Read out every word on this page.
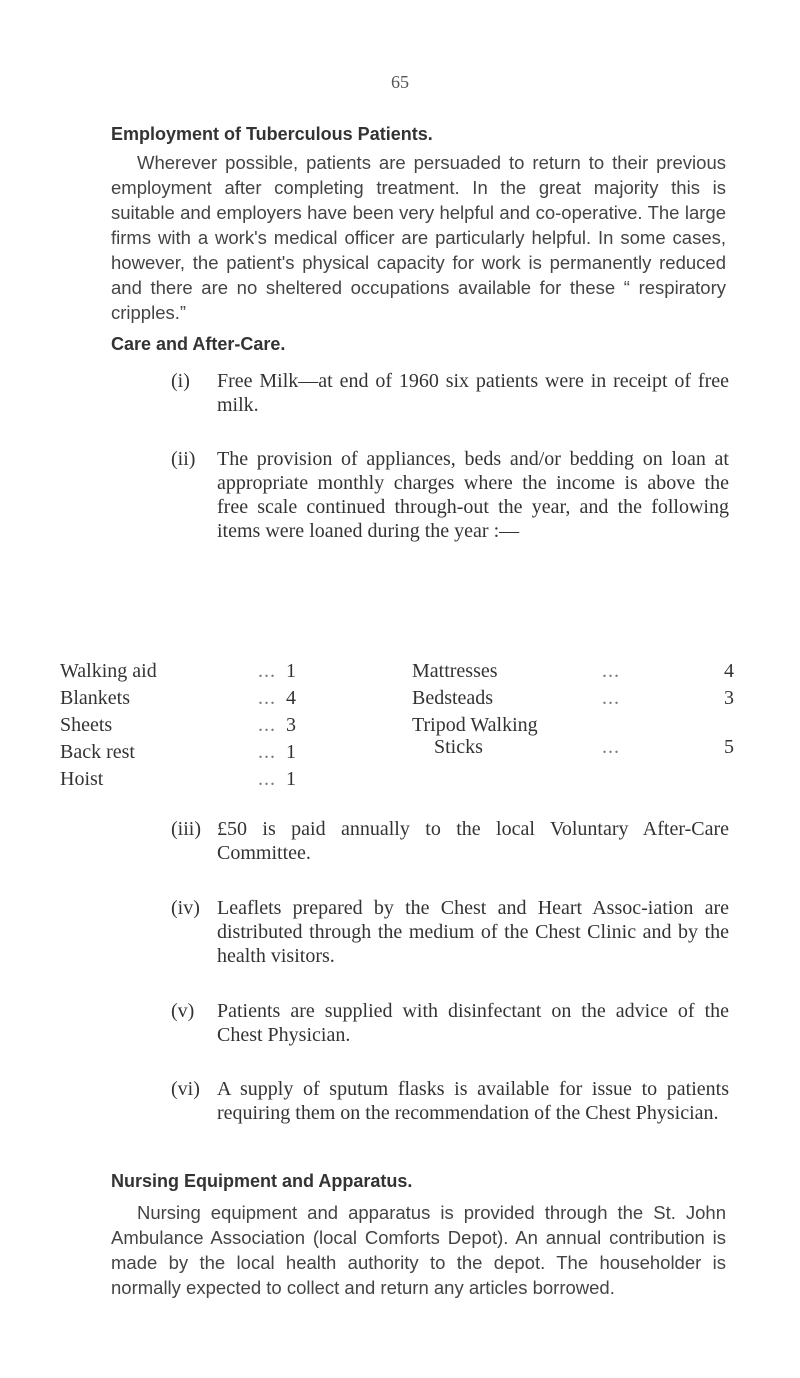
65
Employment of Tuberculous Patients.
Wherever possible, patients are persuaded to return to their previous employment after completing treatment. In the great majority this is suitable and employers have been very helpful and co-operative. The large firms with a work's medical officer are particularly helpful. In some cases, however, the patient's physical capacity for work is permanently reduced and there are no sheltered occupations available for these “ respiratory cripples.”
Care and After-Care.
(i)	Free Milk—at end of 1960 six patients were in receipt of free milk.
(ii)	The provision of appliances, beds and/or bedding on loan at appropriate monthly charges where the income is above the free scale continued through-out the year, and the following items were loaned during the year :—
Walking aid	... 1
Blankets	... 4
Sheets	... 3
Back rest	... 1
Hoist	... 1
Mattresses	...	4
Bedsteads	...	3
Tripod Walking
Sticks	...	5
(iii) £50 is paid annually to the local Voluntary After-Care Committee.
(iv) Leaflets prepared by the Chest and Heart Assoc-iation are distributed through the medium of the Chest Clinic and by the health visitors.
(v)	Patients are supplied with disinfectant on the advice of the Chest Physician.
(vi) A supply of sputum flasks is available for issue to patients requiring them on the recommendation of the Chest Physician.
Nursing Equipment and Apparatus.
Nursing equipment and apparatus is provided through the St. John Ambulance Association (local Comforts Depot). An annual contribution is made by the local health authority to the depot. The householder is normally expected to collect and return any articles borrowed.
